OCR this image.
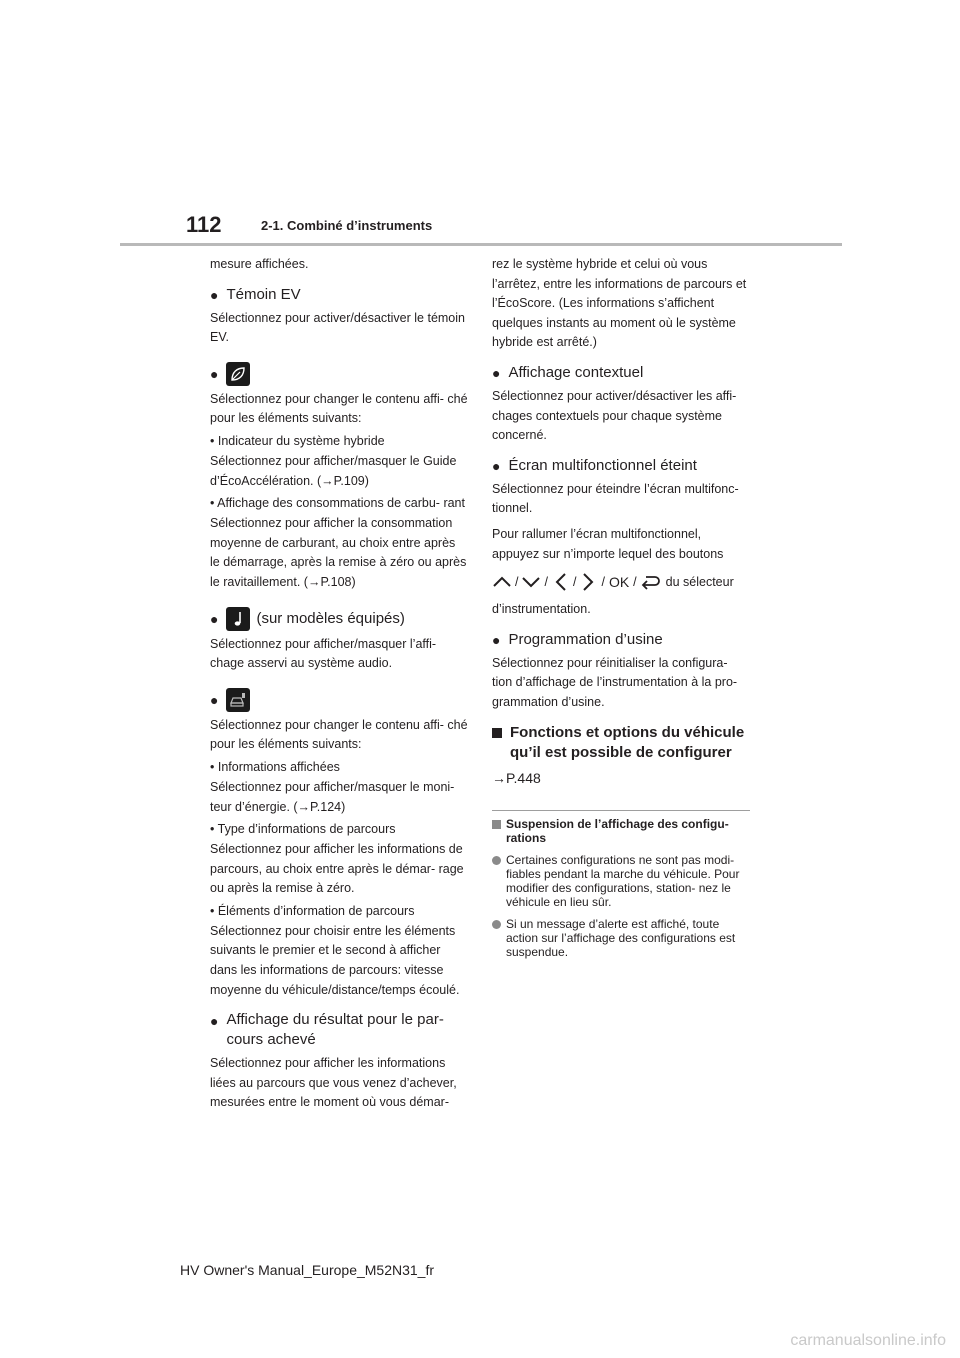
112	2-1. Combiné d’instruments

mesure affichées.

● Témoin EV

Sélectionnez pour activer/désactiver le témoin EV.

●

Sélectionnez pour changer le contenu affi- ché pour les éléments suivants:

• Indicateur du système hybride

Sélectionnez pour afficher/masquer le Guide d’ÉcoAccélération. (→P.109)

• Affichage des consommations de carbu- rant

Sélectionnez pour afficher la consommation moyenne de carburant, au choix entre après le démarrage, après la remise à zéro ou après le ravitaillement. (→P.108)

●	(sur modèles équipés)

Sélectionnez pour afficher/masquer l’affi- chage asservi au système audio.

●

Sélectionnez pour changer le contenu affi- ché pour les éléments suivants:

• Informations affichées

Sélectionnez pour afficher/masquer le moni- teur d’énergie. (→P.124)

• Type d’informations de parcours

Sélectionnez pour afficher les informations de parcours, au choix entre après le démar- rage ou après la remise à zéro.

• Éléments d’information de parcours

Sélectionnez pour choisir entre les éléments suivants le premier et le second à afficher dans les informations de parcours: vitesse moyenne du véhicule/distance/temps écoulé.

● Affichage du résultat pour le par- cours achevé

Sélectionnez pour afficher les informations liées au parcours que vous venez d’achever, mesurées entre le moment où vous démar-

rez le système hybride et celui où vous l’arrêtez, entre les informations de parcours et l’ÉcoScore. (Les informations s’affichent quelques instants au moment où le système hybride est arrêté.)

● Affichage contextuel

Sélectionnez pour activer/désactiver les affi- chages contextuels pour chaque système concerné.

● Écran multifonctionnel éteint

Sélectionnez pour éteindre l’écran multifonc- tionnel.

Pour rallumer l’écran multifonctionnel, appuyez sur n’importe lequel des boutons

/ / / / OK / du sélecteur

d’instrumentation.

● Programmation d’usine

Sélectionnez pour réinitialiser la configura- tion d’affichage de l’instrumentation à la pro- grammation d’usine.

Fonctions et options du véhicule qu’il est possible de configurer

→P.448

Suspension de l’affichage des configu- rations
Certaines configurations ne sont pas modi- fiables pendant la marche du véhicule. Pour modifier des configurations, station- nez le véhicule en lieu sûr.
Si un message d’alerte est affiché, toute action sur l’affichage des configurations est suspendue.
HV Owner's Manual_Europe_M52N31_fr
carmanualsonline.info
